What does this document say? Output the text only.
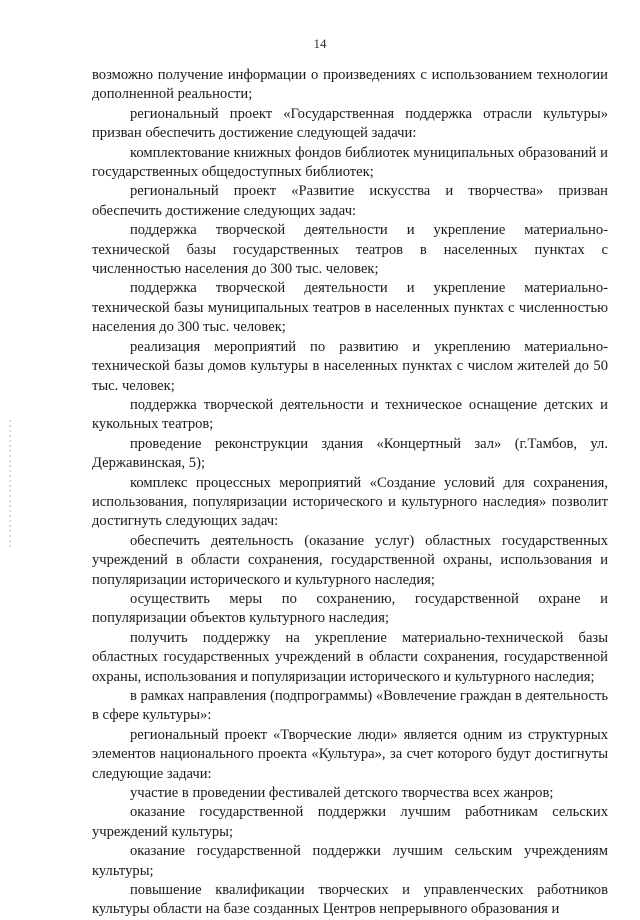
14

возможно получение информации о произведениях с использованием технологии дополненной реальности;

региональный проект «Государственная поддержка отрасли культуры» призван обеспечить достижение следующей задачи:

комплектование книжных фондов библиотек муниципальных образований и государственных общедоступных библиотек;

региональный проект «Развитие искусства и творчества» призван обеспечить достижение следующих задач:

поддержка творческой деятельности и укрепление материально-технической базы государственных театров в населенных пунктах с численностью населения до 300 тыс. человек;

поддержка творческой деятельности и укрепление материально-технической базы муниципальных театров в населенных пунктах с численностью населения до 300 тыс. человек;

реализация мероприятий по развитию и укреплению материально-технической базы домов культуры в населенных пунктах с числом жителей до 50 тыс. человек;

поддержка творческой деятельности и техническое оснащение детских и кукольных театров;

проведение реконструкции здания «Концертный зал» (г.Тамбов, ул. Державинская, 5);

комплекс процессных мероприятий «Создание условий для сохранения, использования, популяризации исторического и культурного наследия» позволит достигнуть следующих задач:

обеспечить деятельность (оказание услуг) областных государственных учреждений в области сохранения, государственной охраны, использования и популяризации исторического и культурного наследия;

осуществить меры по сохранению, государственной охране и популяризации объектов культурного наследия;

получить поддержку на укрепление материально-технической базы областных государственных учреждений в области сохранения, государственной охраны, использования и популяризации исторического и культурного наследия;

в рамках направления (подпрограммы) «Вовлечение граждан в деятельность в сфере культуры»:

региональный проект «Творческие люди» является одним из структурных элементов национального проекта «Культура», за счет которого будут достигнуты следующие задачи:

участие в проведении фестивалей детского творчества всех жанров;

оказание государственной поддержки лучшим работникам сельских учреждений культуры;

оказание государственной поддержки лучшим сельским учреждениям культуры;

повышение квалификации творческих и управленческих работников культуры области на базе созданных Центров непрерывного образования и
